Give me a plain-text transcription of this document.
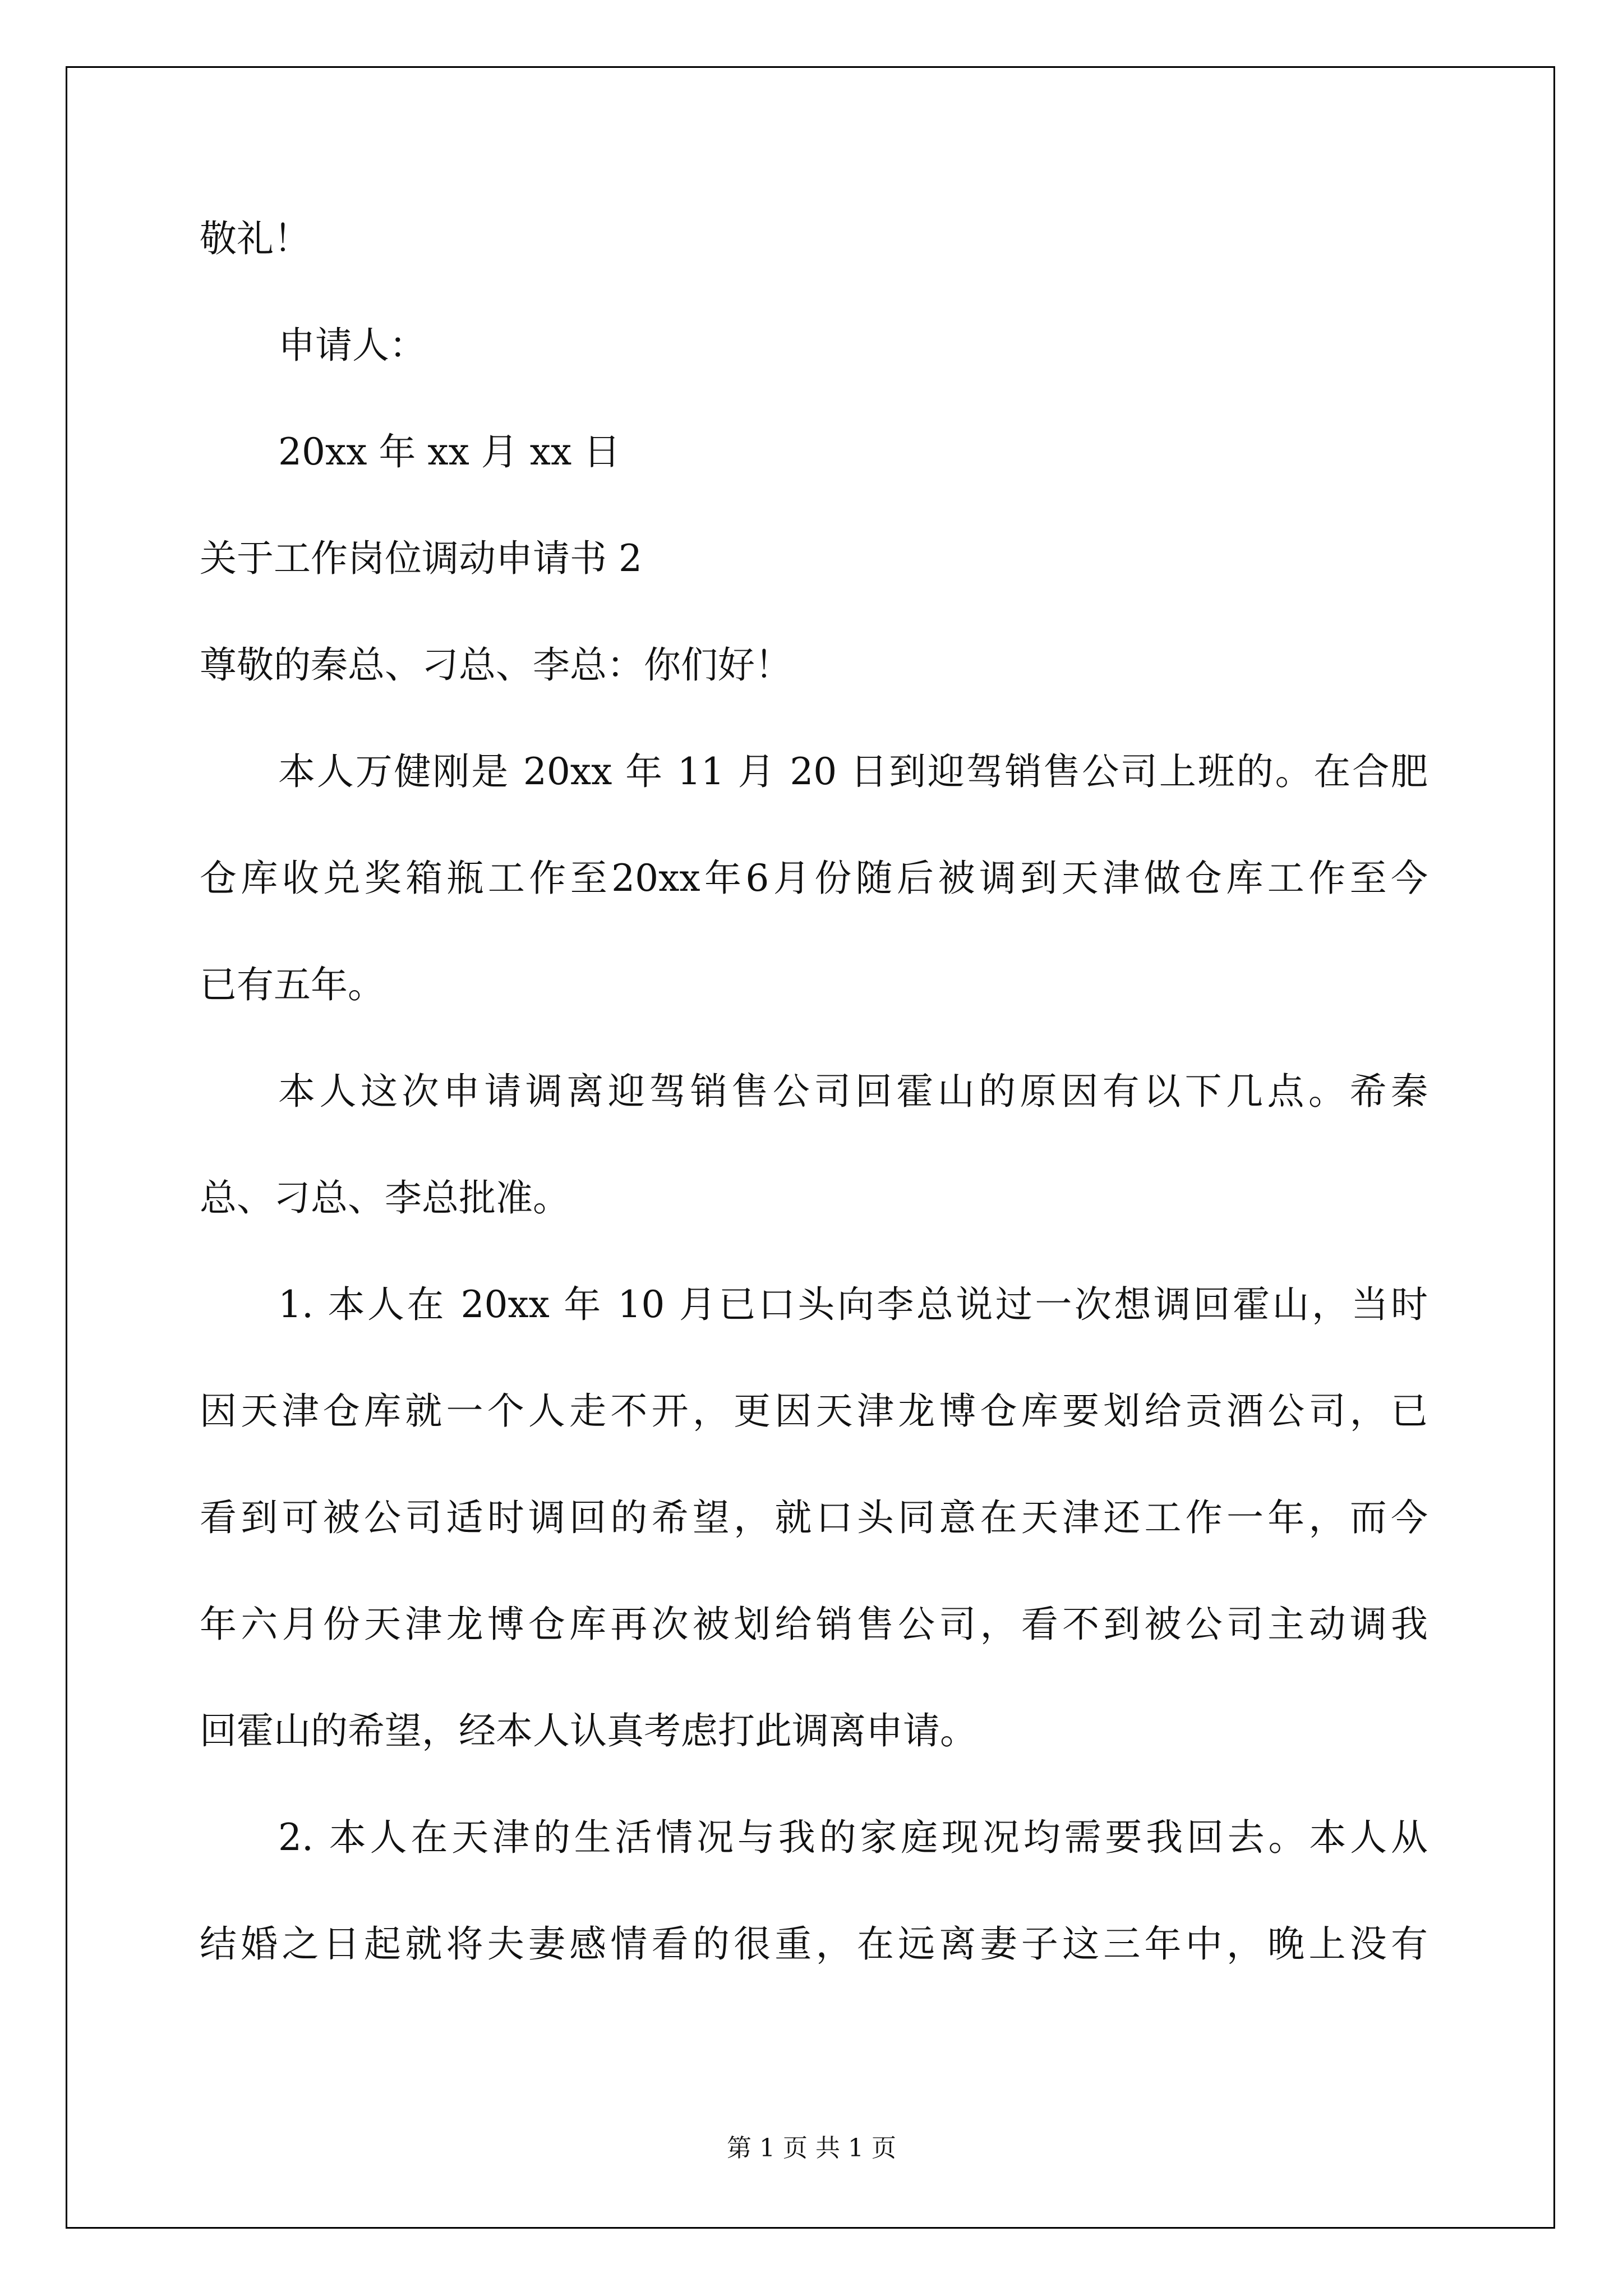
敬礼！
申请人：
20xx 年 xx 月 xx 日
关于工作岗位调动申请书 2
尊敬的秦总、刁总、李总：你们好！
本人万健刚是 20xx 年 11 月 20 日到迎驾销售公司上班的。在合肥
仓库收兑奖箱瓶工作至20xx年6月份随后被调到天津做仓库工作至今
已有五年。
本人这次申请调离迎驾销售公司回霍山的原因有以下几点。希秦
总、刁总、李总批准。
1. 本人在 20xx 年 10 月已口头向李总说过一次想调回霍山，当时
因天津仓库就一个人走不开，更因天津龙博仓库要划给贡酒公司，已
看到可被公司适时调回的希望，就口头同意在天津还工作一年，而今
年六月份天津龙博仓库再次被划给销售公司，看不到被公司主动调我
回霍山的希望，经本人认真考虑打此调离申请。
2. 本人在天津的生活情况与我的家庭现况均需要我回去。本人从
结婚之日起就将夫妻感情看的很重，在远离妻子这三年中，晚上没有
第 1 页 共 1 页
